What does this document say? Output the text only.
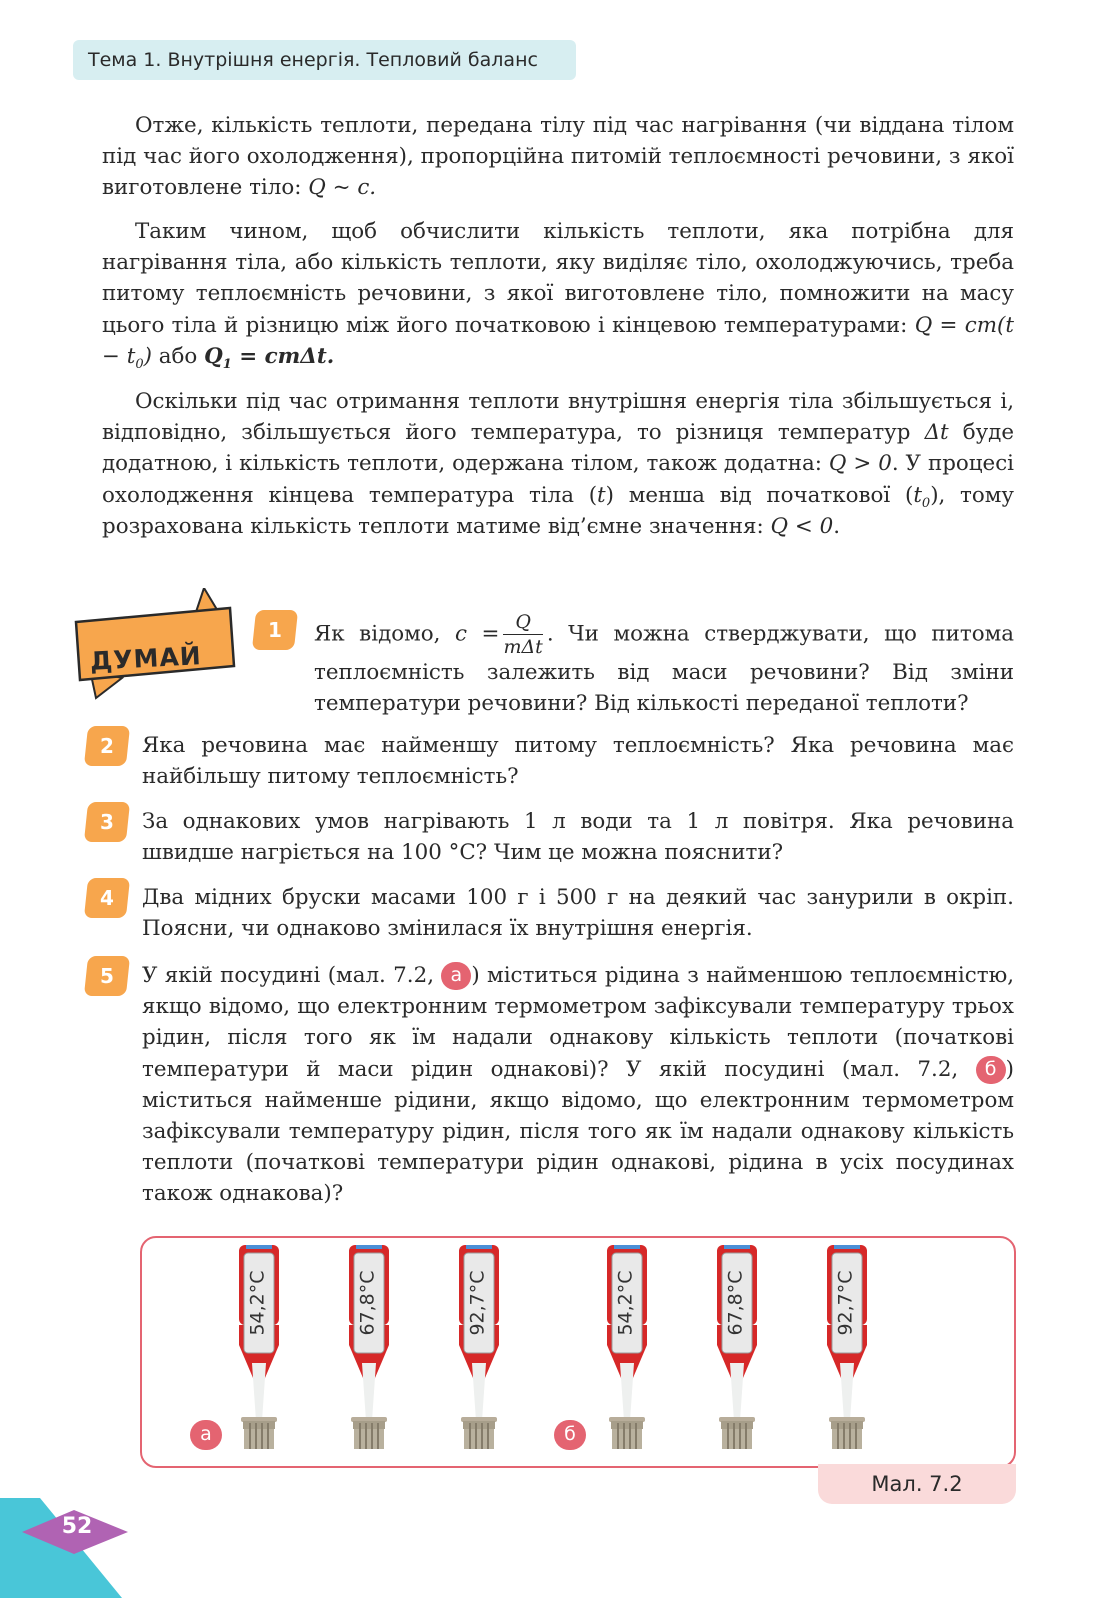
Тема 1. Внутрішня енергія. Тепловий баланс

Отже, кількість теплоти, передана тілу під час нагрівання (чи віддана тілом під час його охолодження), пропорційна питомій теплоємності речовини, з якої виготовлене тіло: Q ~ c.

Таким чином, щоб обчислити кількість теплоти, яка потрібна для нагрівання тіла, або кількість теплоти, яку виділяє тіло, охолоджуючись, треба питому теплоємність речовини, з якої виготовлене тіло, помножити на масу цього тіла й різницю між його початковою і кінцевою температурами: $Q = cm(t - t_0)$ або $Q_1 = cm\Delta t$.

Оскільки під час отримання теплоти внутрішня енергія тіла збільшується і, відповідно, збільшується його температура, то різниця температур Δt буде додатною, і кількість теплоти, одержана тілом, також додатна: Q > 0. У процесі охолодження кінцева температура тіла (t) менша від початкової $(t_0)$, тому розрахована кількість теплоти матиме від’ємне значення: Q < 0.

ДУМАЙ
1	Як відомо, $c = \frac{Q}{\text{mΔt}}$ . Чи можна стверджувати, що питома теплоємність залежить від маси речовини? Від зміни температури речовини? Від кількості переданої теплоти?

2	Яка речовина має найменшу питому теплоємність? Яка речовина має найбільшу питому теплоємність?

3	За однакових умов нагрівають 1 л води та 1 л повітря. Яка речовина швидше нагріється на 100 °С? Чим це можна пояснити?

4	Два мідних бруски масами 100 г і 500 г на деякий час занурили в окріп. Поясни, чи однаково змінилася їх внутрішня енергія.

5	У якій посудині (мал. 7.2, а ) міститься рідина з найменшою теплоємністю, якщо відомо, що електронним термометром зафіксували температуру трьох рідин, після того як їм надали однакову кількість теплоти (початкові температури й маси рідин однакові)? У якій посудині (мал. 7.2, б ) міститься найменше рідини, якщо відомо, що електронним термометром зафіксували температуру рідин, після того як їм надали однакову кількість теплоти (початкові температури рідин однакові, рідина в усіх посудинах також однакова)?

Мал. 7.2
а	б
54,2°C	67,8°C	92,7°C	54,2°C	67,8°C	92,7°C
52
